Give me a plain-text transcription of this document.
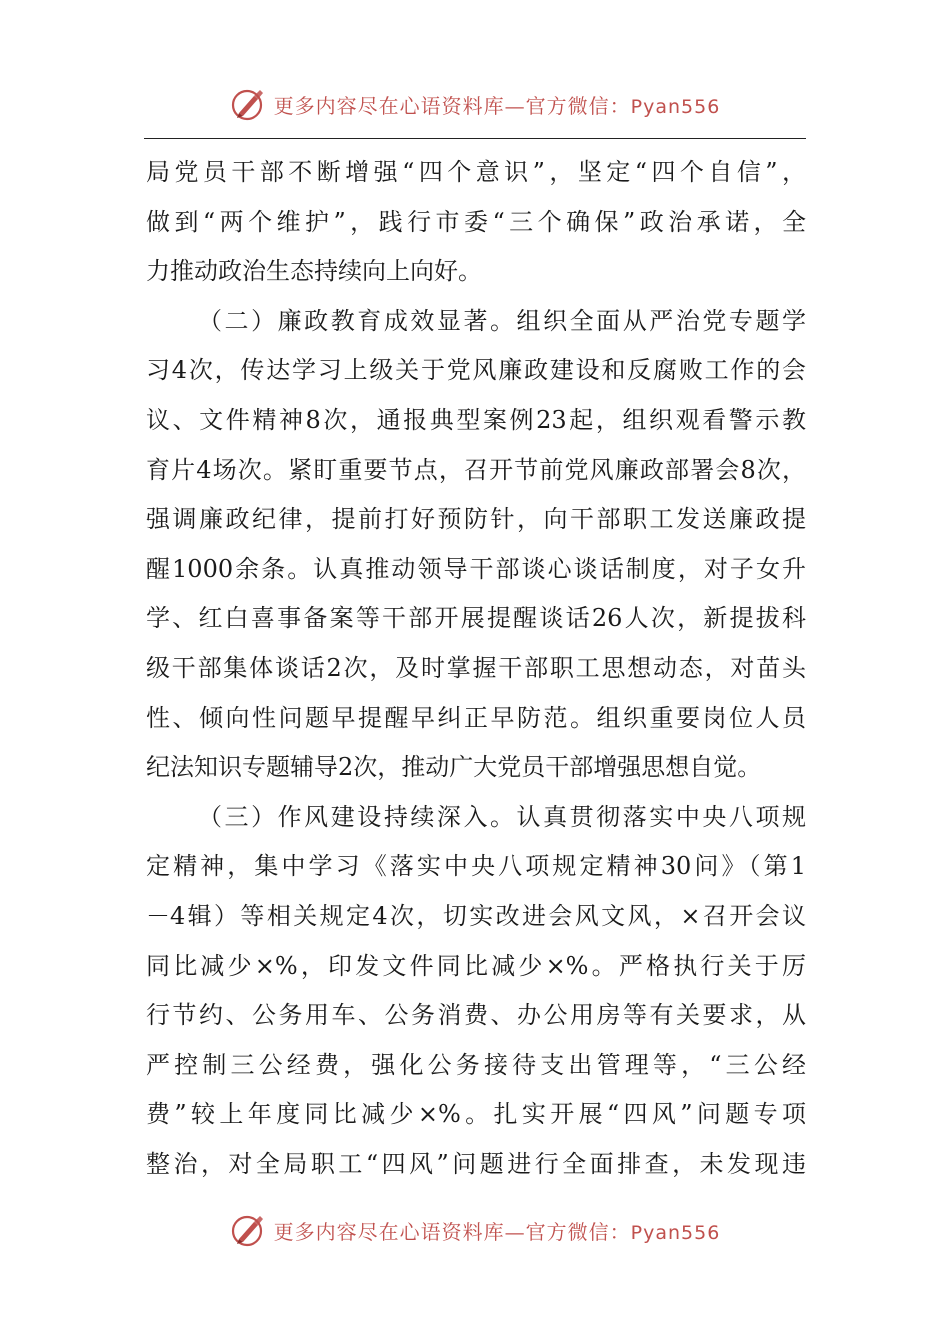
更多内容尽在心语资料库—官方微信：Pyan556
局党员干部不断增强“四个意识”，坚定“四个自信”，
做到“两个维护”，践行市委“三个确保”政治承诺，全
力推动政治生态持续向上向好。
（二）廉政教育成效显著。组织全面从严治党专题学
习4次，传达学习上级关于党风廉政建设和反腐败工作的会
议、文件精神8次，通报典型案例23起，组织观看警示教
育片4场次。紧盯重要节点，召开节前党风廉政部署会8次，
强调廉政纪律，提前打好预防针，向干部职工发送廉政提
醒1000余条。认真推动领导干部谈心谈话制度，对子女升
学、红白喜事备案等干部开展提醒谈话26人次，新提拔科
级干部集体谈话2次，及时掌握干部职工思想动态，对苗头
性、倾向性问题早提醒早纠正早防范。组织重要岗位人员
纪法知识专题辅导2次，推动广大党员干部增强思想自觉。
（三）作风建设持续深入。认真贯彻落实中央八项规
定精神，集中学习《落实中央八项规定精神30问》（第1
－4辑）等相关规定4次，切实改进会风文风，×召开会议
同比减少×%，印发文件同比减少×%。严格执行关于厉
行节约、公务用车、公务消费、办公用房等有关要求，从
严控制三公经费，强化公务接待支出管理等，“三公经
费”较上年度同比减少×%。扎实开展“四风”问题专项
整治，对全局职工“四风”问题进行全面排查，未发现违
更多内容尽在心语资料库—官方微信：Pyan556
